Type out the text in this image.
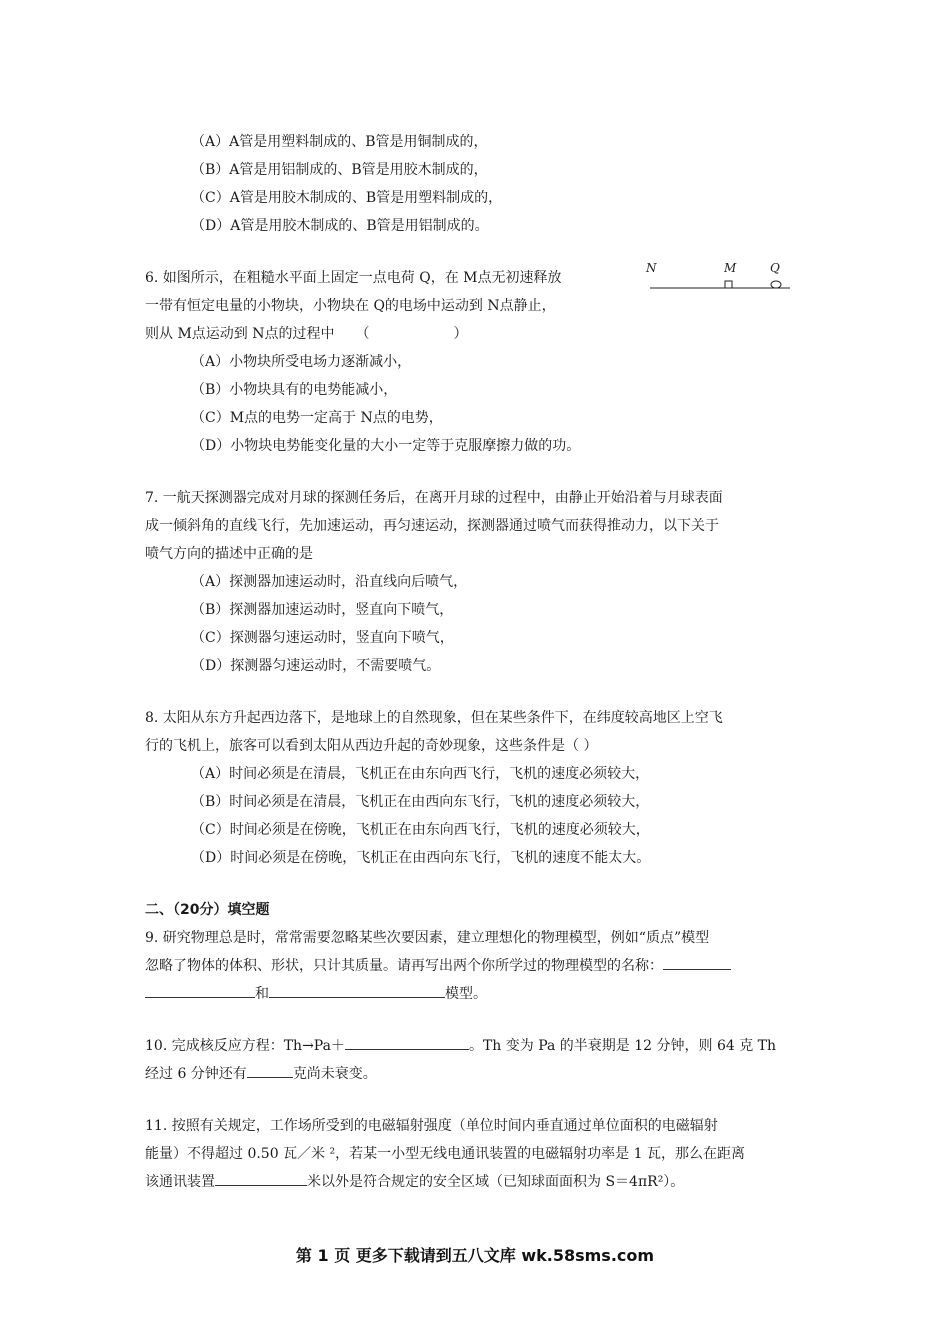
（A）A管是用塑料制成的、B管是用铜制成的，
（B）A管是用铝制成的、B管是用胶木制成的，
（C）A管是用胶木制成的、B管是用塑料制成的，
（D）A管是用胶木制成的、B管是用铝制成的。
6. 如图所示，在粗糙水平面上固定一点电荷 Q，在 M点无初速释放
一带有恒定电量的小物块，小物块在 Q的电场中运动到 N点静止，
则从 M点运动到 N点的过程中　　（　　　　　　）
（A）小物块所受电场力逐渐减小，
（B）小物块具有的电势能减小，
（C）M点的电势一定高于 N点的电势，
（D）小物块电势能变化量的大小一定等于克服摩擦力做的功。
7. 一航天探测器完成对月球的探测任务后，在离开月球的过程中，由静止开始沿着与月球表面
成一倾斜角的直线飞行，先加速运动，再匀速运动，探测器通过喷气而获得推动力，以下关于
喷气方向的描述中正确的是
（A）探测器加速运动时，沿直线向后喷气，
（B）探测器加速运动时，竖直向下喷气，
（C）探测器匀速运动时，竖直向下喷气，
（D）探测器匀速运动时，不需要喷气。
8. 太阳从东方升起西边落下，是地球上的自然现象，但在某些条件下，在纬度较高地区上空飞
行的飞机上，旅客可以看到太阳从西边升起的奇妙现象，这些条件是（ ）
（A）时间必须是在清晨，飞机正在由东向西飞行，飞机的速度必须较大，
（B）时间必须是在清晨，飞机正在由西向东飞行，飞机的速度必须较大，
（C）时间必须是在傍晚，飞机正在由东向西飞行，飞机的速度必须较大，
（D）时间必须是在傍晚，飞机正在由西向东飞行，飞机的速度不能太大。
二、（20分）填空题
9. 研究物理总是时，常常需要忽略某些次要因素，建立理想化的物理模型，例如“质点”模型
忽略了物体的体积、形状，只计其质量。请再写出两个你所学过的物理模型的名称：
和	模型。
10. 完成核反应方程：Th→Pa＋	。Th 变为 Pa 的半衰期是 12 分钟，则 64 克 Th
经过 6 分钟还有	克尚未衰变。
11. 按照有关规定，工作场所受到的电磁辐射强度（单位时间内垂直通过单位面积的电磁辐射
能量）不得超过 0.50 瓦／米 ²，若某一小型无线电通讯装置的电磁辐射功率是 1 瓦，那么在距离
该通讯装置	米以外是符合规定的安全区域（已知球面面积为 S＝4πR²）。
N	M	Q
第 1 页 更多下载请到五八文库 wk.58sms.com
